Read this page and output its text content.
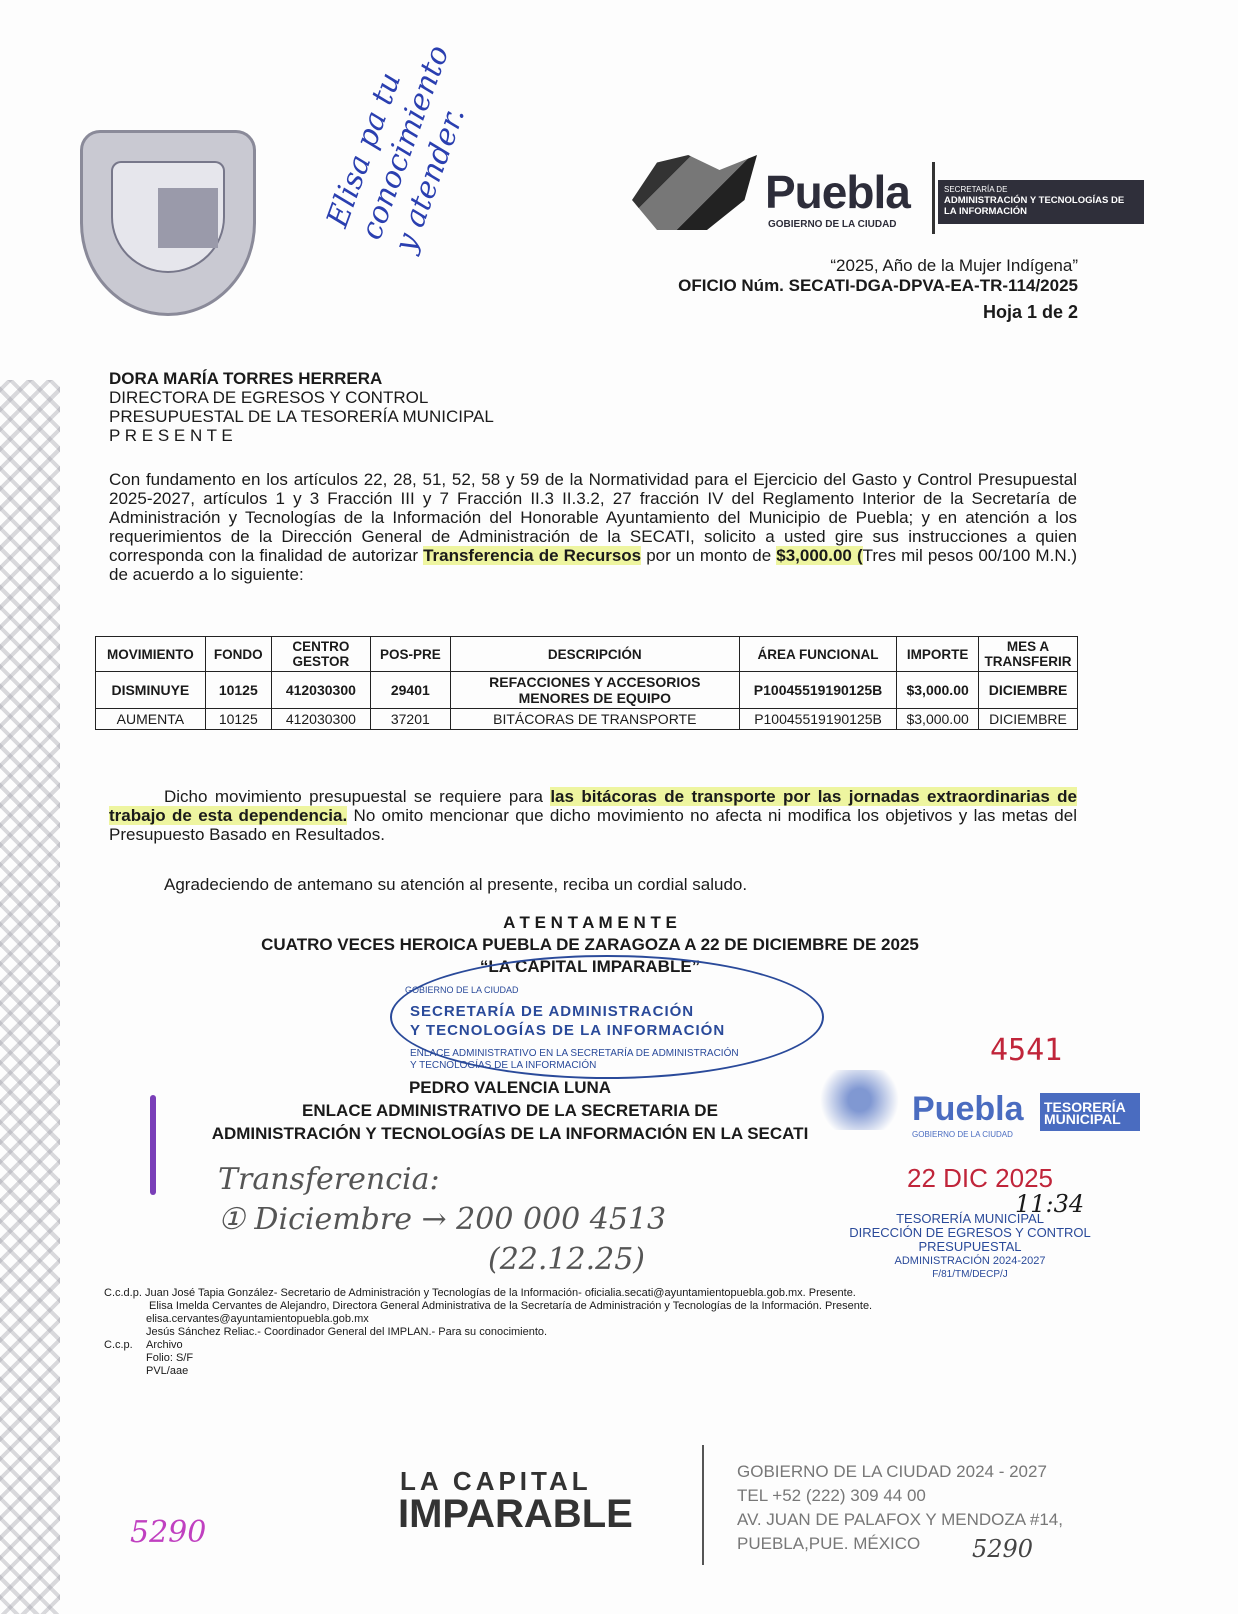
Elisa pa tu conocimiento y atender.	Puebla
GOBIERNO DE LA CIUDAD
SECRETARÍA DE
ADMINISTRACIÓN Y TECNOLOGÍAS DE LA INFORMACIÓN
“2025, Año de la Mujer Indígena”
OFICIO Núm. SECATI-DGA-DPVA-EA-TR-114/2025
Hoja 1 de 2
DORA MARÍA TORRES HERRERA
DIRECTORA DE EGRESOS Y CONTROL
PRESUPUESTAL DE LA TESORERÍA MUNICIPAL
P R E S E N T E
Con fundamento en los artículos 22, 28, 51, 52, 58 y 59 de la Normatividad para el Ejercicio del Gasto y Control Presupuestal 2025-2027, artículos 1 y 3 Fracción III y 7 Fracción II.3 II.3.2, 27 fracción IV del Reglamento Interior de la Secretaría de Administración y Tecnologías de la Información del Honorable Ayuntamiento del Municipio de Puebla; y en atención a los requerimientos de la Dirección General de Administración de la SECATI, solicito a usted gire sus instrucciones a quien corresponda con la finalidad de autorizar Transferencia de Recursos por un monto de $3,000.00 (Tres mil pesos 00/100 M.N.) de acuerdo a lo siguiente:
MOVIMIENTO	FONDO	CENTRO GESTOR	POS-PRE	DESCRIPCIÓN	ÁREA FUNCIONAL	IMPORTE	MES A TRANSFERIR
DISMINUYE	10125	412030300	29401	REFACCIONES Y ACCESORIOS MENORES DE EQUIPO	P10045519190125B	$3,000.00	DICIEMBRE
AUMENTA	10125	412030300	37201	BITÁCORAS DE TRANSPORTE	P10045519190125B	$3,000.00	DICIEMBRE
Dicho movimiento presupuestal se requiere para las bitácoras de transporte por las jornadas extraordinarias de trabajo de esta dependencia. No omito mencionar que dicho movimiento no afecta ni modifica los objetivos y las metas del Presupuesto Basado en Resultados.
Agradeciendo de antemano su atención al presente, reciba un cordial saludo.
A T E N T A M E N T E
CUATRO VECES HEROICA PUEBLA DE ZARAGOZA A 22 DE DICIEMBRE DE 2025
“LA CAPITAL IMPARABLE”
GOBIERNO DE LA CIUDAD
SECRETARÍA DE ADMINISTRACIÓN
Y TECNOLOGÍAS DE LA INFORMACIÓN
ENLACE ADMINISTRATIVO EN LA SECRETARÍA DE ADMINISTRACIÓN Y TECNOLOGÍAS DE LA INFORMACIÓN	4541
PEDRO VALENCIA LUNA
ENLACE ADMINISTRATIVO DE LA SECRETARIA DE
ADMINISTRACIÓN Y TECNOLOGÍAS DE LA INFORMACIÓN EN LA SECATI
Puebla TESORERÍA MUNICIPAL
GOBIERNO DE LA CIUDAD
22 DIC 2025
11:34
TESORERÍA MUNICIPAL
DIRECCIÓN DE EGRESOS Y CONTROL
PRESUPUESTAL
ADMINISTRACIÓN 2024-2027
F/81/TM/DECP/J
Transferencia:
① Diciembre → 200 000 4513
(22.12.25)
C.c.d.p. Juan José Tapia González- Secretario de Administración y Tecnologías de la Información- oficialia.secati@ayuntamientopuebla.gob.mx. Presente.
Elisa Imelda Cervantes de Alejandro, Directora General Administrativa de la Secretaría de Administración y Tecnologías de la Información. Presente.
elisa.cervantes@ayuntamientopuebla.gob.mx
Jesús Sánchez Reliac.- Coordinador General del IMPLAN.- Para su conocimiento.
C.c.p. Archivo
Folio: S/F
PVL/aae
LA CAPITAL
IMPARABLE
GOBIERNO DE LA CIUDAD 2024 - 2027
TEL +52 (222) 309 44 00
AV. JUAN DE PALAFOX Y MENDOZA #14,
PUEBLA,PUE. MÉXICO
5290	5290
